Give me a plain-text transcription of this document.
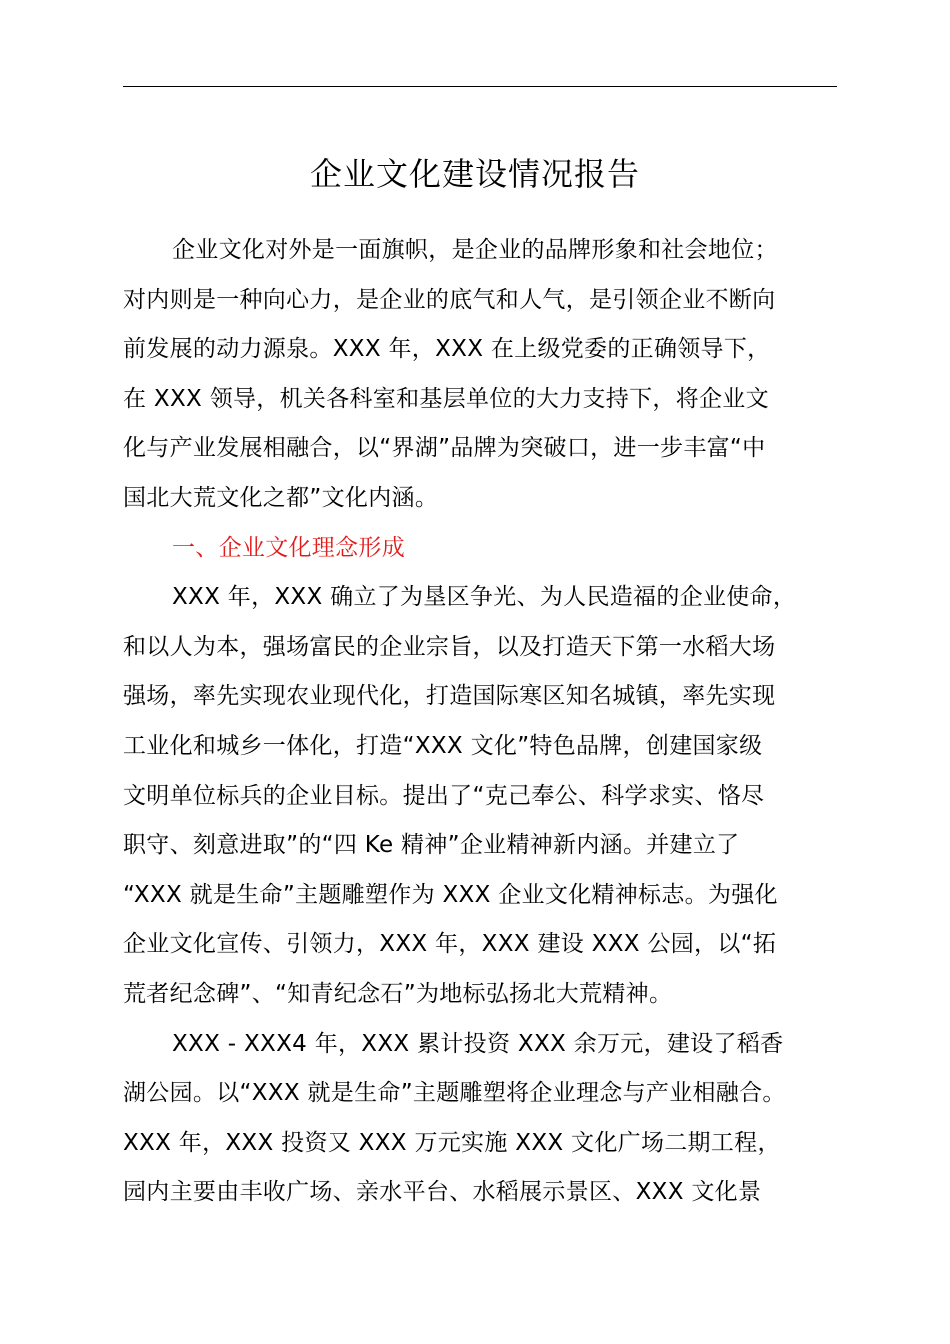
企业文化建设情况报告
企业文化对外是一面旗帜，是企业的品牌形象和社会地位；
对内则是一种向心力，是企业的底气和人气，是引领企业不断向
前发展的动力源泉。XXX 年，XXX 在上级党委的正确领导下，
在 XXX 领导，机关各科室和基层单位的大力支持下，将企业文
化与产业发展相融合，以“界湖”品牌为突破口，进一步丰富“中
国北大荒文化之都”文化内涵。
一、企业文化理念形成
XXX 年，XXX 确立了为垦区争光、为人民造福的企业使命，
和以人为本，强场富民的企业宗旨，以及打造天下第一水稻大场
强场，率先实现农业现代化，打造国际寒区知名城镇，率先实现
工业化和城乡一体化，打造“XXX 文化”特色品牌，创建国家级
文明单位标兵的企业目标。提出了“克己奉公、科学求实、恪尽
职守、刻意进取”的“四 Ke 精神”企业精神新内涵。并建立了
“XXX 就是生命”主题雕塑作为 XXX 企业文化精神标志。为强化
企业文化宣传、引领力，XXX 年，XXX 建设 XXX 公园，以“拓
荒者纪念碑”、“知青纪念石”为地标弘扬北大荒精神。
XXX - XXX4 年，XXX 累计投资 XXX 余万元，建设了稻香
湖公园。以“XXX 就是生命”主题雕塑将企业理念与产业相融合。
XXX 年，XXX 投资又 XXX 万元实施 XXX 文化广场二期工程，
园内主要由丰收广场、亲水平台、水稻展示景区、XXX 文化景
